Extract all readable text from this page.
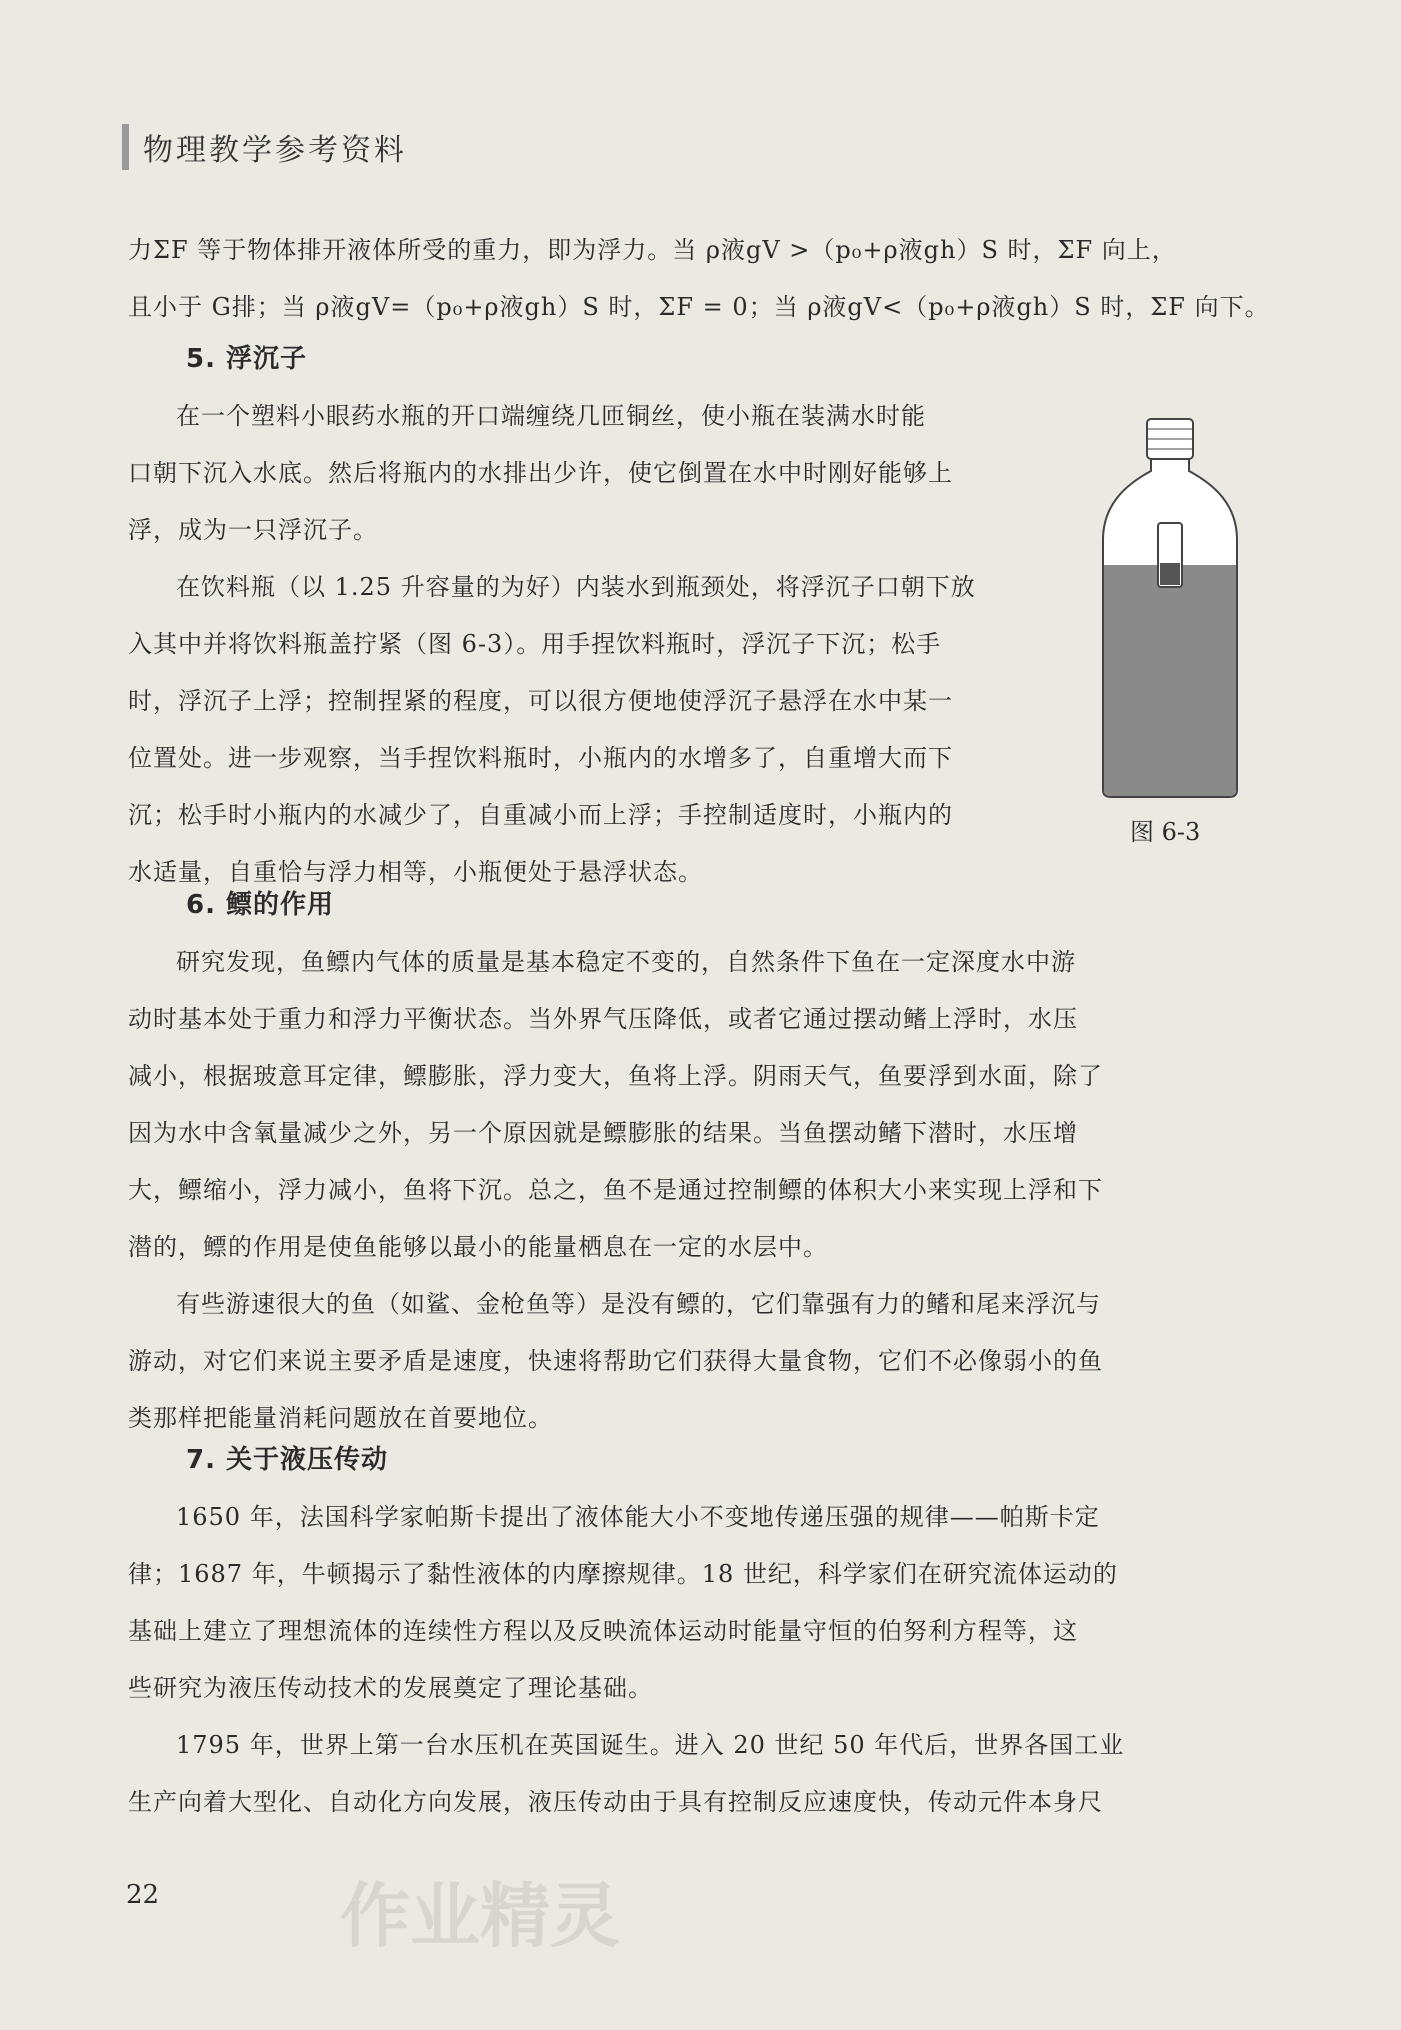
物理教学参考资料

力ΣF 等于物体排开液体所受的重力，即为浮力。当 ρ液gV >（p₀+ρ液gh）S 时，ΣF 向上，

且小于 G排；当 ρ液gV=（p₀+ρ液gh）S 时，ΣF = 0；当 ρ液gV<（p₀+ρ液gh）S 时，ΣF 向下。

5. 浮沉子

在一个塑料小眼药水瓶的开口端缠绕几匝铜丝，使小瓶在装满水时能

口朝下沉入水底。然后将瓶内的水排出少许，使它倒置在水中时刚好能够上

浮，成为一只浮沉子。

在饮料瓶（以 1.25 升容量的为好）内装水到瓶颈处，将浮沉子口朝下放

入其中并将饮料瓶盖拧紧（图 6-3）。用手捏饮料瓶时，浮沉子下沉；松手

时，浮沉子上浮；控制捏紧的程度，可以很方便地使浮沉子悬浮在水中某一

位置处。进一步观察，当手捏饮料瓶时，小瓶内的水增多了，自重增大而下

沉；松手时小瓶内的水减少了，自重减小而上浮；手控制适度时，小瓶内的

水适量，自重恰与浮力相等，小瓶便处于悬浮状态。

图 6-3

6. 鳔的作用

研究发现，鱼鳔内气体的质量是基本稳定不变的，自然条件下鱼在一定深度水中游

动时基本处于重力和浮力平衡状态。当外界气压降低，或者它通过摆动鳍上浮时，水压

减小，根据玻意耳定律，鳔膨胀，浮力变大，鱼将上浮。阴雨天气，鱼要浮到水面，除了

因为水中含氧量减少之外，另一个原因就是鳔膨胀的结果。当鱼摆动鳍下潜时，水压增

大，鳔缩小，浮力减小，鱼将下沉。总之，鱼不是通过控制鳔的体积大小来实现上浮和下

潜的，鳔的作用是使鱼能够以最小的能量栖息在一定的水层中。

有些游速很大的鱼（如鲨、金枪鱼等）是没有鳔的，它们靠强有力的鳍和尾来浮沉与

游动，对它们来说主要矛盾是速度，快速将帮助它们获得大量食物，它们不必像弱小的鱼

类那样把能量消耗问题放在首要地位。

7. 关于液压传动

1650 年，法国科学家帕斯卡提出了液体能大小不变地传递压强的规律——帕斯卡定

律；1687 年，牛顿揭示了黏性液体的内摩擦规律。18 世纪，科学家们在研究流体运动的

基础上建立了理想流体的连续性方程以及反映流体运动时能量守恒的伯努利方程等，这

些研究为液压传动技术的发展奠定了理论基础。

1795 年，世界上第一台水压机在英国诞生。进入 20 世纪 50 年代后，世界各国工业

生产向着大型化、自动化方向发展，液压传动由于具有控制反应速度快，传动元件本身尺

22	作业精灵
